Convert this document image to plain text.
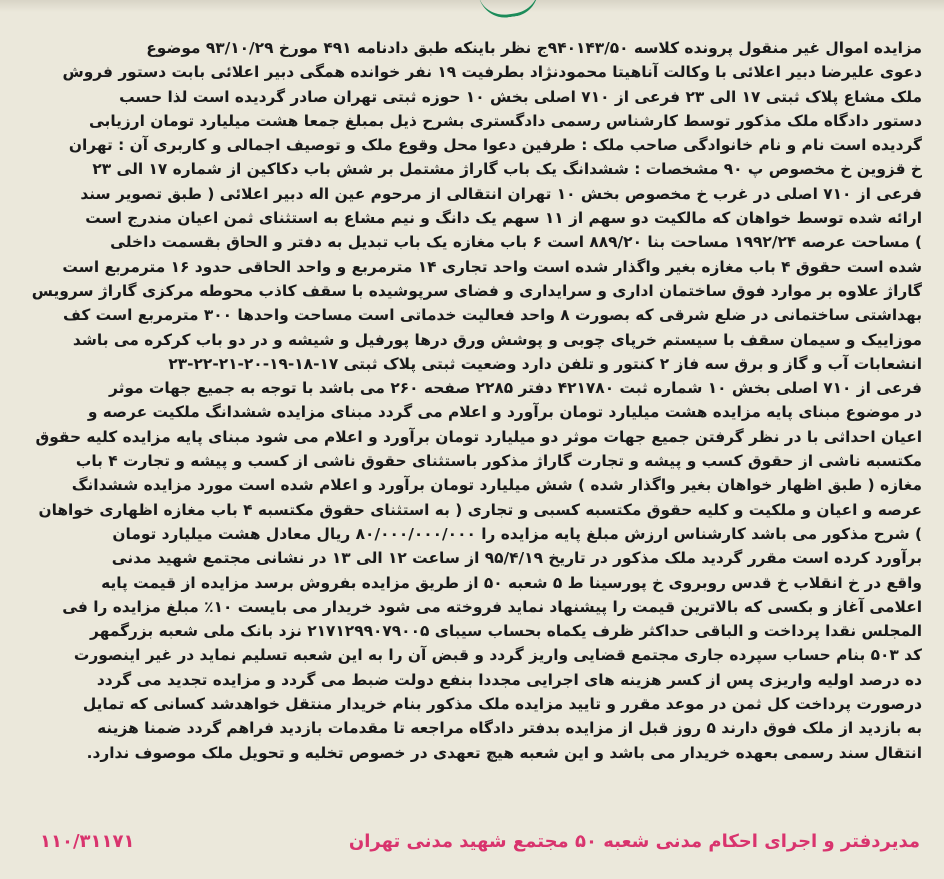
مزایده اموال غیر منقول پرونده کلاسه ۹۴۰۱۴۳/۵۰ج نظر باینکه طبق دادنامه ۴۹۱ مورخ ۹۳/۱۰/۲۹ موضوع
دعوی علیرضا دبیر اعلائی با وکالت آناهیتا محمودنژاد بطرفیت ۱۹ نفر خوانده همگی دبیر اعلائی بابت دستور فروش
ملک مشاع پلاک ثبتی ۱۷ الی ۲۳ فرعی از ۷۱۰ اصلی بخش ۱۰ حوزه ثبتی تهران صادر گردیده است لذا حسب
دستور دادگاه ملک مذکور توسط کارشناس رسمی دادگستری بشرح ذیل بمبلغ جمعا هشت میلیارد تومان ارزیابی
گردیده است نام و نام خانوادگی صاحب ملک : طرفین دعوا محل وقوع ملک و توصیف اجمالی و کاربری آن : تهران
خ قزوین خ مخصوص پ ۹۰ مشخصات : ششدانگ یک باب گاراژ مشتمل بر شش باب دکاکین از شماره ۱۷ الی ۲۳
فرعی از ۷۱۰ اصلی در غرب خ مخصوص بخش ۱۰ تهران انتقالی از مرحوم عین اله دبیر اعلائی ( طبق تصویر سند
ارائه شده توسط خواهان که مالکیت دو سهم از ۱۱ سهم یک دانگ و نیم مشاع به استثنای ثمن اعیان مندرج است
) مساحت عرصه ۱۹۹۲/۲۴ مساحت بنا ۸۸۹/۲۰ است ۶ باب مغازه یک باب تبدیل به دفتر و الحاق بقسمت داخلی
شده است حقوق ۴ باب مغازه بغیر واگذار شده است واحد تجاری ۱۴ مترمربع و واحد الحاقی حدود ۱۶ مترمربع است
گاراژ علاوه بر موارد فوق ساختمان اداری و سرایداری و فضای سرپوشیده با سقف کاذب محوطه مرکزی گاراژ سرویس
بهداشتی ساختمانی در ضلع شرقی که بصورت ۸ واحد فعالیت خدماتی است مساحت واحدها ۳۰۰ مترمربع است کف
موزاییک و سیمان سقف با سیستم خرپای چوبی و پوشش ورق درها پورفیل و شیشه و در دو باب کرکره می باشد
انشعابات آب و گاز و برق سه فاز ۲ کنتور و تلفن دارد وضعیت ثبتی پلاک ثبتی ۱۷-۱۸-۱۹-۲۰-۲۱-۲۲-۲۳
فرعی از ۷۱۰ اصلی بخش ۱۰ شماره ثبت ۴۲۱۷۸۰ دفتر ۲۲۸۵ صفحه ۲۶۰ می باشد با توجه به جمیع جهات موثر
در موضوع مبنای پایه مزایده هشت میلیارد تومان برآورد و اعلام می گردد مبنای مزایده ششدانگ ملکیت عرصه و
اعیان احداثی با در نظر گرفتن جمیع جهات موثر دو میلیارد تومان برآورد و اعلام می شود مبنای پایه مزایده کلیه حقوق
مکتسبه ناشی از حقوق کسب و پیشه و تجارت گاراژ مذکور باستثنای حقوق ناشی از کسب و پیشه و تجارت ۴ باب
مغازه ( طبق اظهار خواهان بغیر واگذار شده ) شش میلیارد تومان برآورد و اعلام شده است مورد مزایده ششدانگ
عرصه و اعیان و ملکیت و کلیه حقوق مکتسبه کسبی و تجاری ( به استثنای حقوق مکتسبه ۴ باب مغازه اظهاری خواهان
) شرح مذکور می باشد کارشناس ارزش مبلغ پایه مزایده را ۸۰/۰۰۰/۰۰۰/۰۰۰ ریال معادل هشت میلیارد تومان
برآورد کرده است مقرر گردید ملک مذکور در تاریخ ۹۵/۴/۱۹ از ساعت ۱۲ الی ۱۳ در نشانی مجتمع شهید مدنی
واقع در خ انقلاب خ قدس روبروی خ پورسینا ط ۵ شعبه ۵۰ از طریق مزایده بفروش برسد مزایده از قیمت پایه
اعلامی آغاز و بکسی که بالاترین قیمت را پیشنهاد نماید فروخته می شود خریدار می بایست ۱۰٪ مبلغ مزایده را فی
المجلس نقدا پرداخت و الباقی حداکثر ظرف یکماه بحساب سیبای ۲۱۷۱۲۹۹۰۷۹۰۰۵ نزد بانک ملی شعبه بزرگمهر
کد ۵۰۳ بنام حساب سپرده جاری مجتمع قضایی واریز گردد و قبض آن را به این شعبه تسلیم نماید در غیر اینصورت
ده درصد اولیه واریزی پس از کسر هزینه های اجرایی مجددا بنفع دولت ضبط می گردد و مزایده تجدید می گردد
درصورت پرداخت کل ثمن در موعد مقرر و تایید مزایده ملک مذکور بنام خریدار منتقل خواهدشد کسانی که تمایل
به بازدید از ملک فوق دارند ۵ روز قبل از مزایده بدفتر دادگاه مراجعه تا مقدمات بازدید فراهم گردد ضمنا هزینه
انتقال سند رسمی بعهده خریدار می باشد و این شعبه هیچ تعهدی در خصوص تخلیه و تحویل ملک موصوف ندارد.
مدیردفتر و اجرای احکام مدنی شعبه ۵۰ مجتمع شهید مدنی تهران
۱۱۰/۳۱۱۷۱
